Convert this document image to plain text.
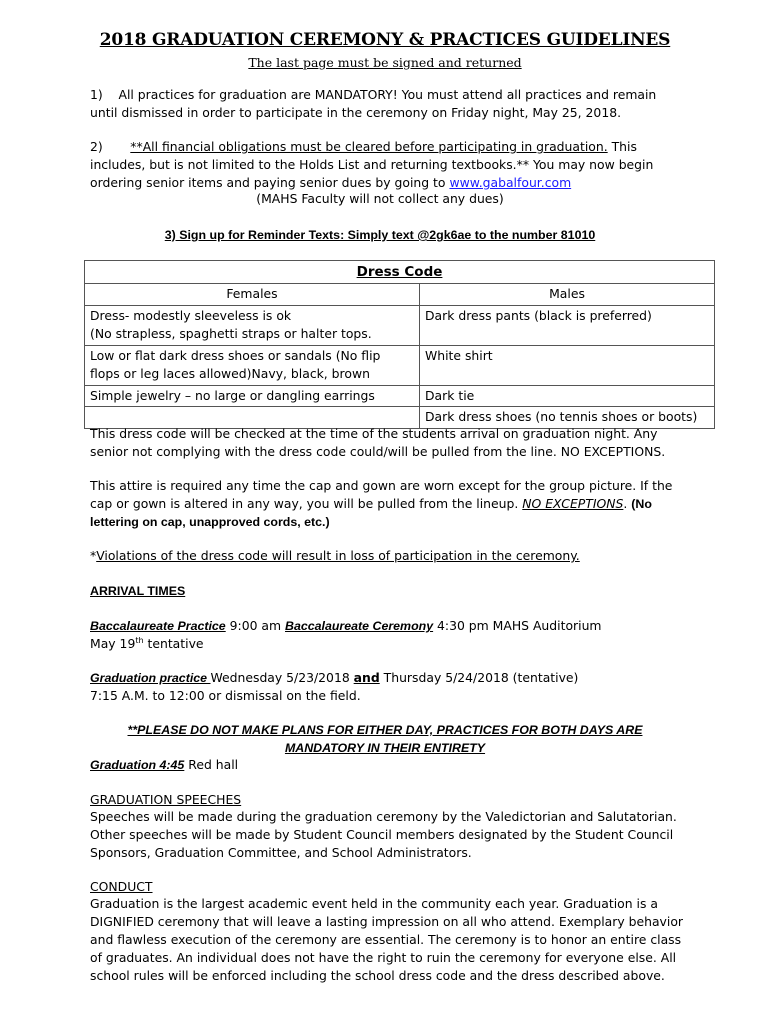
2018 GRADUATION CEREMONY & PRACTICES GUIDELINES
The last page must be signed and returned
1) All practices for graduation are MANDATORY! You must attend all practices and remain until dismissed in order to participate in the ceremony on Friday night, May 25, 2018.
2) **All financial obligations must be cleared before participating in graduation. This includes, but is not limited to the Holds List and returning textbooks.** You may now begin ordering senior items and paying senior dues by going to www.gabalfour.com
(MAHS Faculty will not collect any dues)
3) Sign up for Reminder Texts: Simply text @2gk6ae to the number 81010
Dress Code	
Females	Males
Dress- modestly sleeveless is ok
(No strapless, spaghetti straps or halter tops.	Dark dress pants (black is preferred)
Low or flat dark dress shoes or sandals (No flip flops or leg laces allowed)Navy, black, brown	White shirt
Simple jewelry – no large or dangling earrings	Dark tie
	Dark dress shoes (no tennis shoes or boots)
This dress code will be checked at the time of the students arrival on graduation night. Any senior not complying with the dress code could/will be pulled from the line. NO EXCEPTIONS.
This attire is required any time the cap and gown are worn except for the group picture. If the cap or gown is altered in any way, you will be pulled from the lineup. NO EXCEPTIONS. (No lettering on cap, unapproved cords, etc.)
*Violations of the dress code will result in loss of participation in the ceremony.
ARRIVAL TIMES
Baccalaureate Practice 9:00 am Baccalaureate Ceremony 4:30 pm MAHS Auditorium
May 19th tentative
Graduation practice Wednesday 5/23/2018 and Thursday 5/24/2018 (tentative)
7:15 A.M. to 12:00 or dismissal on the field.
**PLEASE DO NOT MAKE PLANS FOR EITHER DAY, PRACTICES FOR BOTH DAYS ARE MANDATORY IN THEIR ENTIRETY
Graduation 4:45 Red hall
GRADUATION SPEECHES
Speeches will be made during the graduation ceremony by the Valedictorian and Salutatorian. Other speeches will be made by Student Council members designated by the Student Council Sponsors, Graduation Committee, and School Administrators.
CONDUCT
Graduation is the largest academic event held in the community each year. Graduation is a DIGNIFIED ceremony that will leave a lasting impression on all who attend. Exemplary behavior and flawless execution of the ceremony are essential. The ceremony is to honor an entire class of graduates. An individual does not have the right to ruin the ceremony for everyone else. All school rules will be enforced including the school dress code and the dress described above.
